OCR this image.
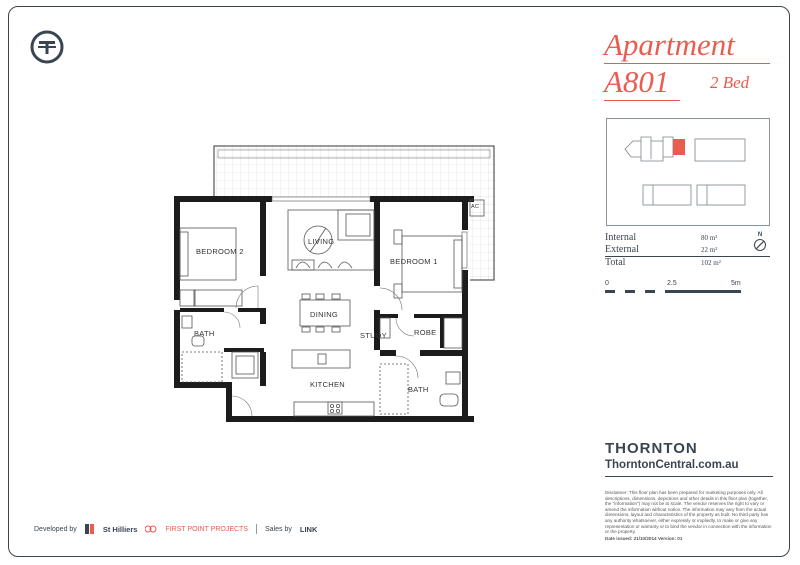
Apartment
A801 2 Bed
Internal	80 m²
External	22 m²
Total	102 m²
N
0	2.5	5m
BEDROOM 2
LIVING
BEDROOM 1
BATH
DINING
STUDY	ROBE
KITCHEN
BATH
AC
THORNTON
ThorntonCentral.com.au
Disclaimer: This floor plan has been prepared for marketing purposes only. All descriptions, dimensions, depictions and other details in this floor plan (together, the "information") may not be to scale. The vendor reserves the right to vary or amend the information without notice. The information may vary from the actual dimensions, layout and characteristics of the property as built. No third party has any authority whatsoever, either expressly or impliedly, to make or give any representation or warranty or to bind the vendor in connection with the information or the property.
Date issued: 21/10/2014 Version: 01
Developed by	St Hilliers	FIRST POINT PROJECTS Sales by LINK
